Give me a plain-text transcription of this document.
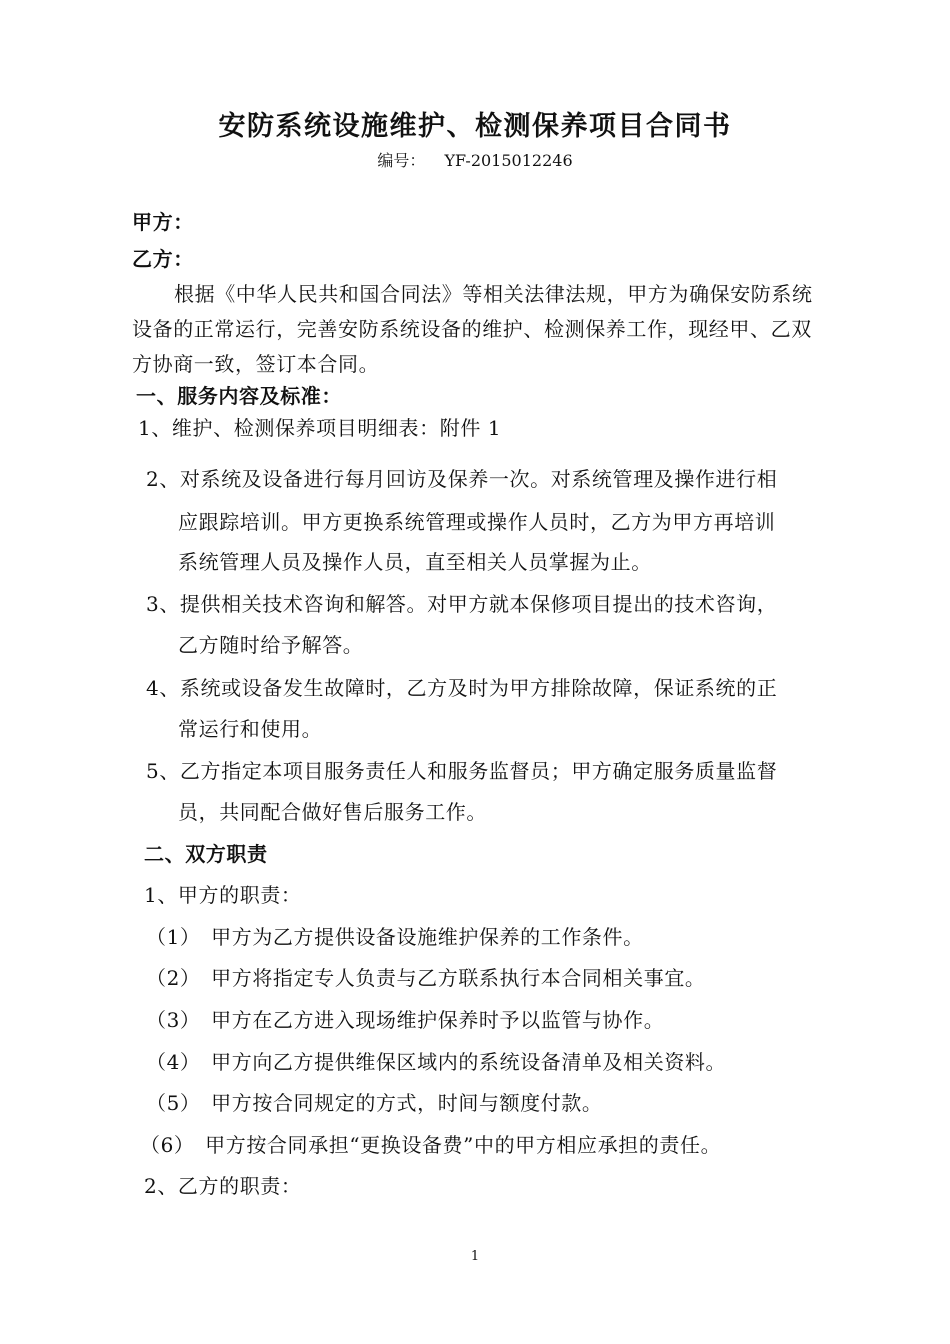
安防系统设施维护、检测保养项目合同书
编号： YF-2015012246
甲方：
乙方：
根据《中华人民共和国合同法》等相关法律法规，甲方为确保安防系统
设备的正常运行，完善安防系统设备的维护、检测保养工作，现经甲、乙双
方协商一致，签订本合同。
一、服务内容及标准：
1、维护、检测保养项目明细表：附件 1
2、对系统及设备进行每月回访及保养一次。对系统管理及操作进行相
应跟踪培训。甲方更换系统管理或操作人员时，乙方为甲方再培训
系统管理人员及操作人员，直至相关人员掌握为止。
3、提供相关技术咨询和解答。对甲方就本保修项目提出的技术咨询，
乙方随时给予解答。
4、系统或设备发生故障时，乙方及时为甲方排除故障，保证系统的正
常运行和使用。
5、乙方指定本项目服务责任人和服务监督员；甲方确定服务质量监督
员，共同配合做好售后服务工作。
二、双方职责
1、甲方的职责：
（1）　甲方为乙方提供设备设施维护保养的工作条件。
（2）　甲方将指定专人负责与乙方联系执行本合同相关事宜。
（3）　甲方在乙方进入现场维护保养时予以监管与协作。
（4）　甲方向乙方提供维保区域内的系统设备清单及相关资料。
（5）　甲方按合同规定的方式，时间与额度付款。
（6）　甲方按合同承担“更换设备费”中的甲方相应承担的责任。
2、乙方的职责：
1
